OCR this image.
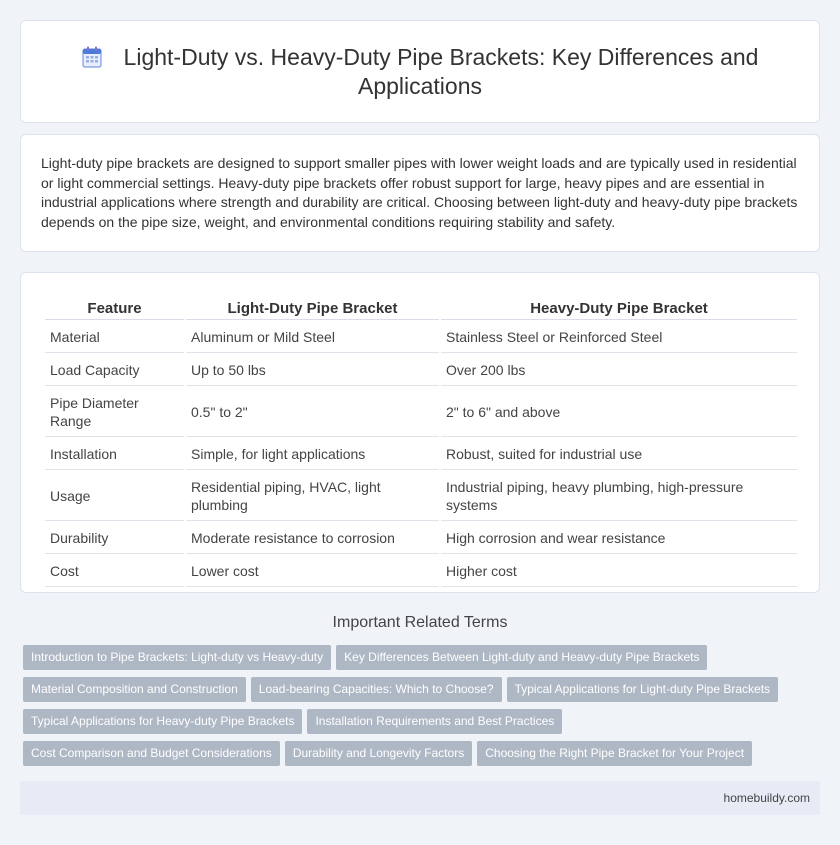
Light-Duty vs. Heavy-Duty Pipe Brackets: Key Differences and
Applications

Light-duty pipe brackets are designed to support smaller pipes with lower weight loads and are typically used in residential or light commercial settings. Heavy-duty pipe brackets offer robust support for large, heavy pipes and are essential in industrial applications where strength and durability are critical. Choosing between light-duty and heavy-duty pipe brackets depends on the pipe size, weight, and environmental conditions requiring stability and safety.

Feature	Light-Duty Pipe Bracket	Heavy-Duty Pipe Bracket
Material	Aluminum or Mild Steel	Stainless Steel or Reinforced Steel
Load Capacity	Up to 50 lbs	Over 200 lbs
Pipe Diameter Range	0.5" to 2"	2" to 6" and above
Installation	Simple, for light applications	Robust, suited for industrial use
Usage	Residential piping, HVAC, light plumbing	Industrial piping, heavy plumbing, high-pressure systems
Durability	Moderate resistance to corrosion	High corrosion and wear resistance
Cost	Lower cost	Higher cost
Important Related Terms
Introduction to Pipe Brackets: Light-duty vs Heavy-duty Key Differences Between Light-duty and Heavy-duty Pipe Brackets
Material Composition and Construction Load-bearing Capacities: Which to Choose? Typical Applications for Light-duty Pipe Brackets
Typical Applications for Heavy-duty Pipe Brackets Installation Requirements and Best Practices
Cost Comparison and Budget Considerations Durability and Longevity Factors Choosing the Right Pipe Bracket for Your Project
homebuildy.com
